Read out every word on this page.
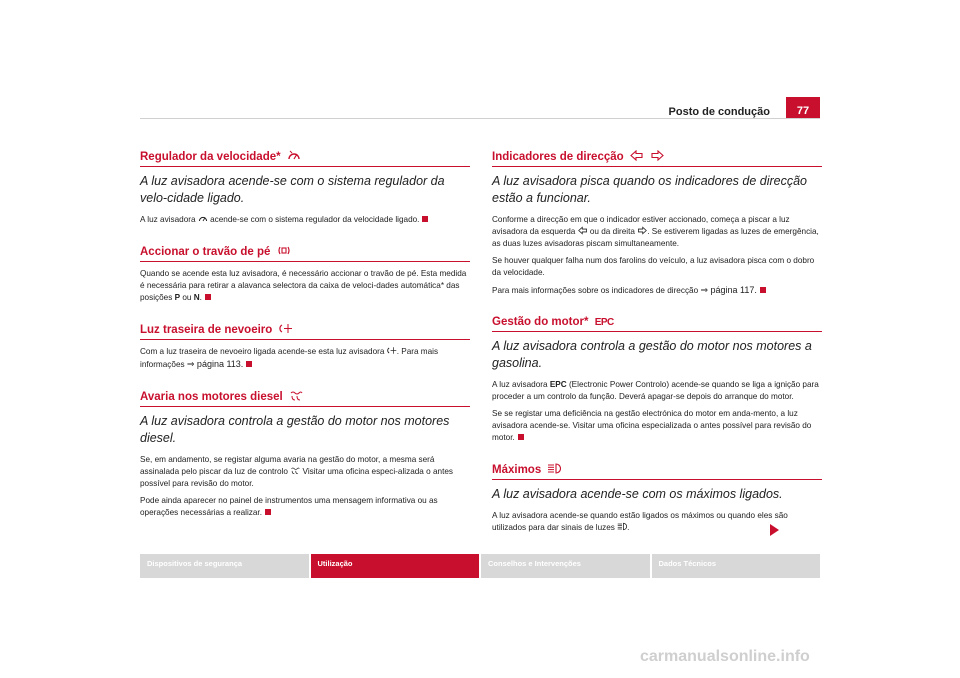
Posto de condução	77
Regulador da velocidade*

A luz avisadora acende-se com o sistema regulador da velo-cidade ligado.

A luz avisadora acende-se com o sistema regulador da velocidade ligado.

Accionar o travão de pé

Quando se acende esta luz avisadora, é necessário accionar o travão de pé. Esta medida é necessária para retirar a alavanca selectora da caixa de veloci-dades automática* das posições P ou N.

Luz traseira de nevoeiro

Com a luz traseira de nevoeiro ligada acende-se esta luz avisadora . Para mais informações ⇒ página 113.

Avaria nos motores diesel

A luz avisadora controla a gestão do motor nos motores diesel.

Se, em andamento, se registar alguma avaria na gestão do motor, a mesma será assinalada pelo piscar da luz de controlo Visitar uma oficina especi-alizada o antes possível para revisão do motor.

Pode ainda aparecer no painel de instrumentos uma mensagem informativa ou as operações necessárias a realizar.

Indicadores de direcção

A luz avisadora pisca quando os indicadores de direcção estão a funcionar.

Conforme a direcção em que o indicador estiver accionado, começa a piscar a luz avisadora da esquerda ou da direita . Se estiverem ligadas as luzes de emergência, as duas luzes avisadoras piscam simultaneamente.

Se houver qualquer falha num dos farolins do veículo, a luz avisadora pisca com o dobro da velocidade.

Para mais informações sobre os indicadores de direcção ⇒ página 117.

Gestão do motor* EPC

A luz avisadora controla a gestão do motor nos motores a gasolina.

A luz avisadora EPC (Electronic Power Controlo) acende-se quando se liga a ignição para proceder a um controlo da função. Deverá apagar-se depois do arranque do motor.

Se se registar uma deficiência na gestão electrónica do motor em anda-mento, a luz avisadora acende-se. Visitar uma oficina especializada o antes possível para revisão do motor.

Máximos

A luz avisadora acende-se com os máximos ligados.

A luz avisadora acende-se quando estão ligados os máximos ou quando eles são utilizados para dar sinais de luzes .

Dispositivos de segurança	Utilização	Conselhos e Intervenções	Dados Técnicos
carmanualsonline.info
